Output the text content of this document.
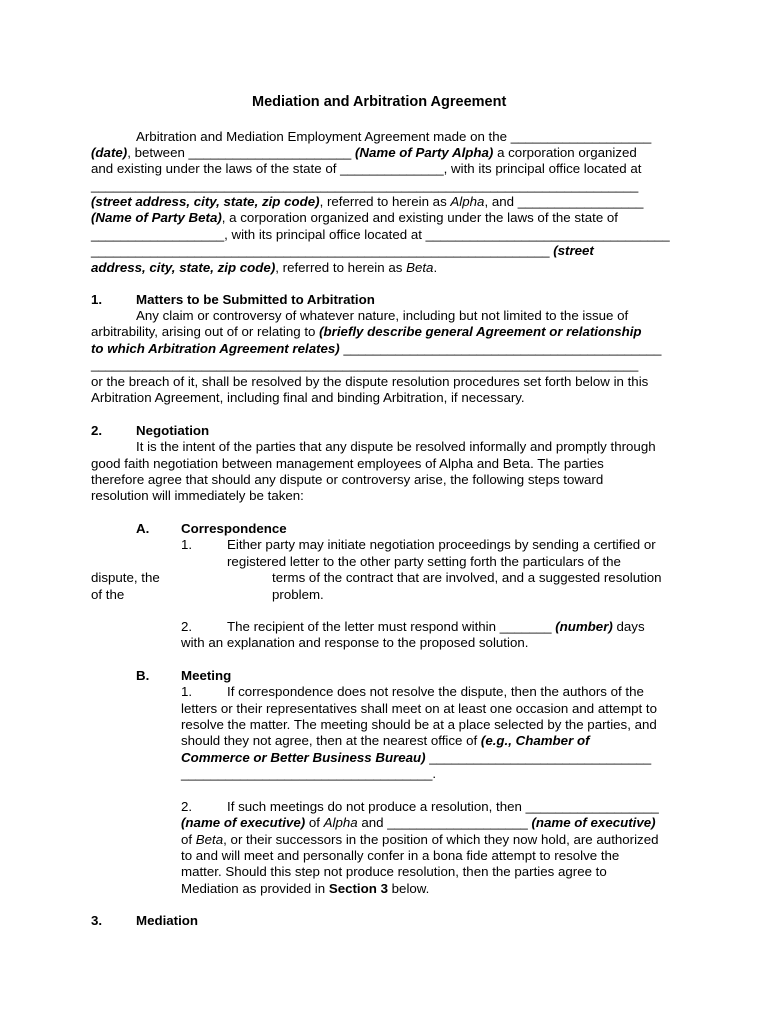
Mediation and Arbitration Agreement
Arbitration and Mediation Employment Agreement made on the ___________________
(date), between ______________________ (Name of Party Alpha) a corporation organized
and existing under the laws of the state of ______________, with its principal office located at
__________________________________________________________________________
(street address, city, state, zip code), referred to herein as Alpha, and _________________
(Name of Party Beta), a corporation organized and existing under the laws of the state of
__________________, with its principal office located at _________________________________
______________________________________________________________ (street
address, city, state, zip code), referred to herein as Beta.
1.	Matters to be Submitted to Arbitration
Any claim or controversy of whatever nature, including but not limited to the issue of
arbitrability, arising out of or relating to (briefly describe general Agreement or relationship
to which Arbitration Agreement relates) ___________________________________________
__________________________________________________________________________
or the breach of it, shall be resolved by the dispute resolution procedures set forth below in this
Arbitration Agreement, including final and binding Arbitration, if necessary.
2.	Negotiation
It is the intent of the parties that any dispute be resolved informally and promptly through
good faith negotiation between management employees of Alpha and Beta. The parties
therefore agree that should any dispute or controversy arise, the following steps toward
resolution will immediately be taken:
A. Correspondence
1.	Either party may initiate negotiation proceedings by sending a certified or
registered letter to the other party setting forth the particulars of the
dispute, the	terms of the contract that are involved, and a suggested resolution
of the	problem.
2.	The recipient of the letter must respond within _______ (number) days
with an explanation and response to the proposed solution.
B. Meeting
1.	If correspondence does not resolve the dispute, then the authors of the
letters or their representatives shall meet on at least one occasion and attempt to
resolve the matter. The meeting should be at a place selected by the parties, and
should they not agree, then at the nearest office of (e.g., Chamber of
Commerce or Better Business Bureau) ______________________________
__________________________________.
2.	If such meetings do not produce a resolution, then __________________
(name of executive) of Alpha and ___________________ (name of executive)
of Beta, or their successors in the position of which they now hold, are authorized
to and will meet and personally confer in a bona fide attempt to resolve the
matter. Should this step not produce resolution, then the parties agree to
Mediation as provided in Section 3 below.
3.	Mediation
